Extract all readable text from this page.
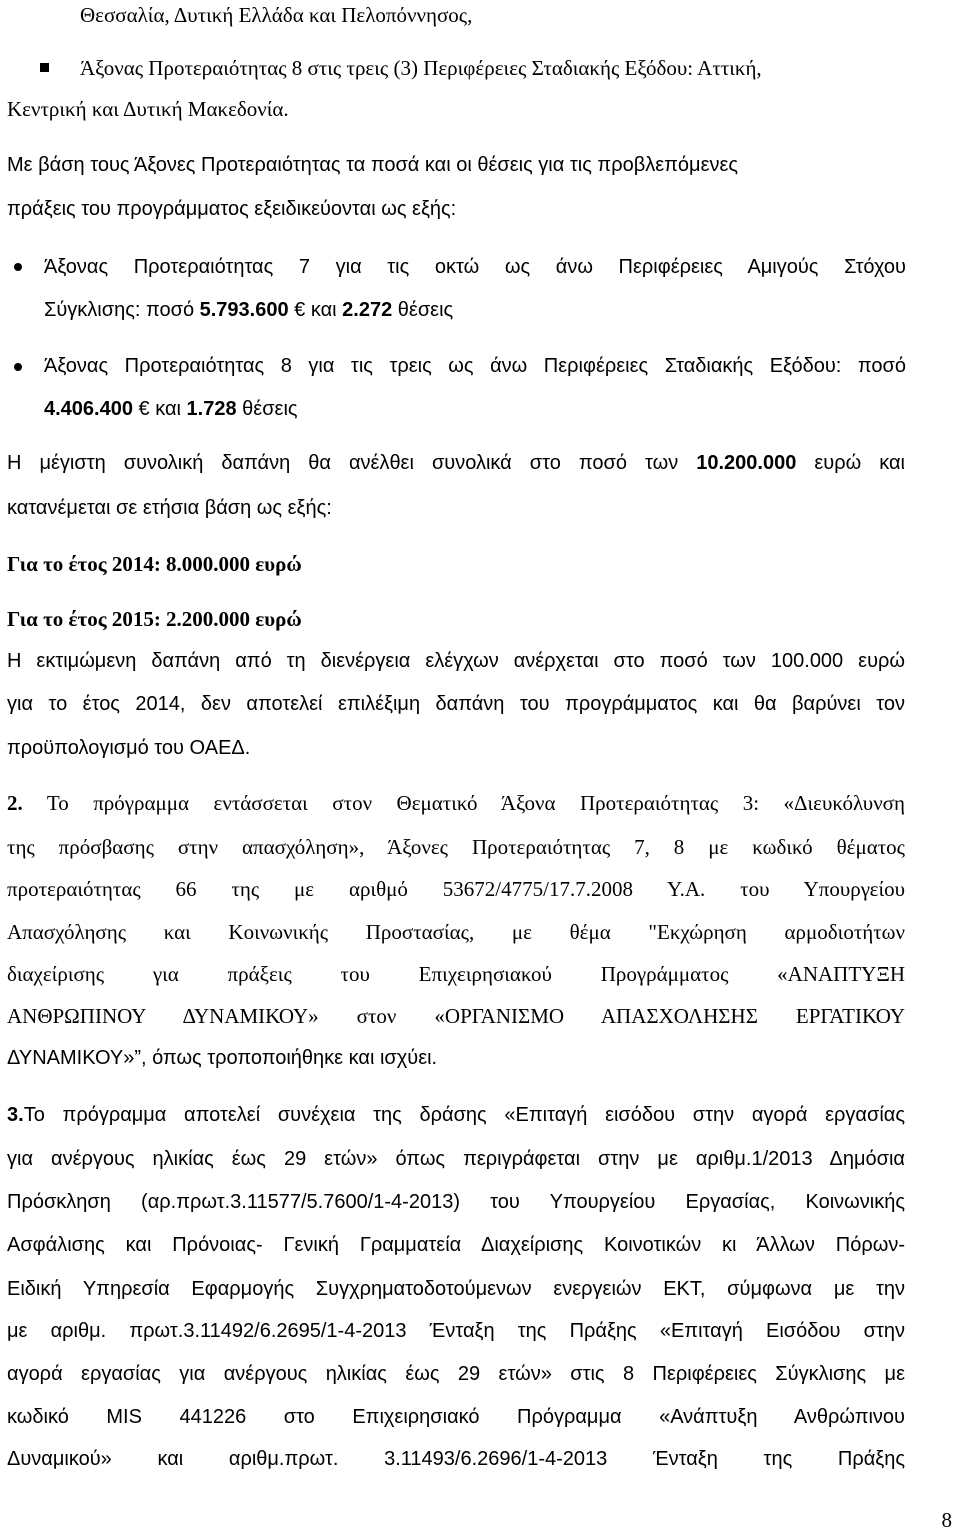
Θεσσαλία, Δυτική Ελλάδα και Πελοπόννησος,
Άξονας Προτεραιότητας 8 στις τρεις (3) Περιφέρειες Σταδιακής Εξόδου: Αττική,
Κεντρική και Δυτική Μακεδονία.
Με βάση τους Άξονες Προτεραιότητας τα ποσά και οι θέσεις για τις προβλεπόμενες
πράξεις του προγράμματος εξειδικεύονται ως εξής:
Άξονας Προτεραιότητας 7 για τις οκτώ ως άνω Περιφέρειες Αμιγούς Στόχου
Σύγκλισης: ποσό 5.793.600 € και 2.272 θέσεις
Άξονας Προτεραιότητας 8 για τις τρεις ως άνω Περιφέρειες Σταδιακής Εξόδου: ποσό
4.406.400 € και 1.728 θέσεις
Η μέγιστη συνολική δαπάνη θα ανέλθει συνολικά στο ποσό των 10.200.000 ευρώ και
κατανέμεται σε ετήσια βάση ως εξής:
Για το έτος 2014: 8.000.000 ευρώ
Για το έτος 2015: 2.200.000 ευρώ
Η εκτιμώμενη δαπάνη από τη διενέργεια ελέγχων ανέρχεται στο ποσό των 100.000 ευρώ
για το έτος 2014, δεν αποτελεί επιλέξιμη δαπάνη του προγράμματος και θα βαρύνει τον
προϋπολογισμό του ΟΑΕΔ.
2. Το πρόγραμμα εντάσσεται στον Θεματικό Άξονα Προτεραιότητας 3: «Διευκόλυνση
της πρόσβασης στην απασχόληση», Άξονες Προτεραιότητας 7, 8 με κωδικό θέματος
προτεραιότητας 66 της με αριθμό 53672/4775/17.7.2008 Υ.Α. του Υπουργείου
Απασχόλησης και Κοινωνικής Προστασίας, με θέμα "Εκχώρηση αρμοδιοτήτων
διαχείρισης για πράξεις του Επιχειρησιακού Προγράμματος «ΑΝΑΠΤΥΞΗ
ΑΝΘΡΩΠΙΝΟΥ ΔΥΝΑΜΙΚΟΥ» στον «ΟΡΓΑΝΙΣΜΟ ΑΠΑΣΧΟΛΗΣΗΣ ΕΡΓΑΤΙΚΟΥ
ΔΥΝΑΜΙΚΟΥ»”, όπως τροποποιήθηκε και ισχύει.
3.Το πρόγραμμα αποτελεί συνέχεια της δράσης «Επιταγή εισόδου στην αγορά εργασίας
για ανέργους ηλικίας έως 29 ετών» όπως περιγράφεται στην με αριθμ.1/2013 Δημόσια
Πρόσκληση (αρ.πρωτ.3.11577/5.7600/1-4-2013) του Υπουργείου Εργασίας, Κοινωνικής
Ασφάλισης και Πρόνοιας- Γενική Γραμματεία Διαχείρισης Κοινοτικών κι Άλλων Πόρων-
Ειδική Υπηρεσία Εφαρμογής Συγχρηματοδοτούμενων ενεργειών ΕΚΤ, σύμφωνα με την
με αριθμ. πρωτ.3.11492/6.2695/1-4-2013 Ένταξη της Πράξης «Επιταγή Εισόδου στην
αγορά εργασίας για ανέργους ηλικίας έως 29 ετών» στις 8 Περιφέρειες Σύγκλισης με
κωδικό MIS 441226 στο Επιχειρησιακό Πρόγραμμα «Ανάπτυξη Ανθρώπινου
Δυναμικού» και αριθμ.πρωτ. 3.11493/6.2696/1-4-2013 Ένταξη της Πράξης
8
